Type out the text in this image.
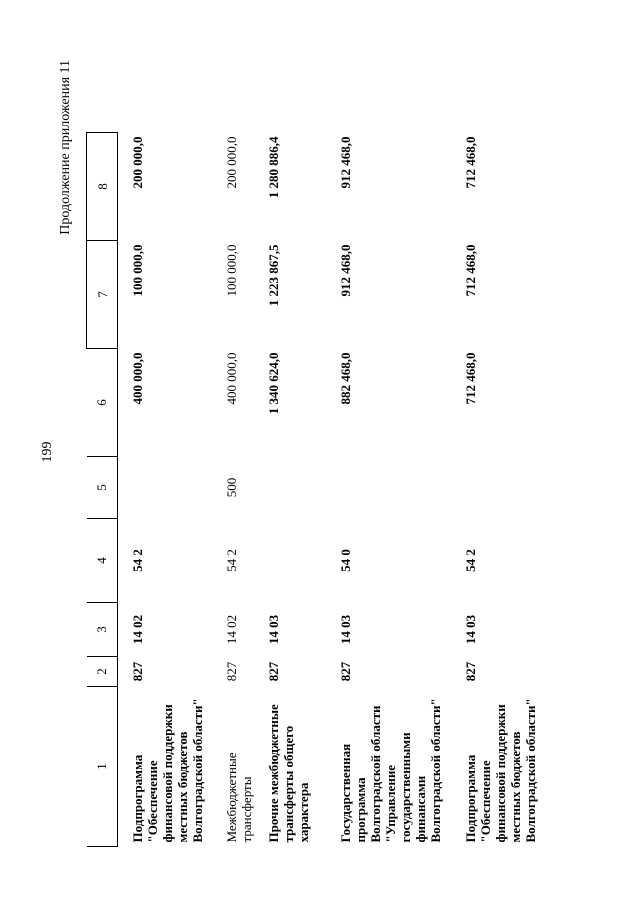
199
Продолжение приложения 11
1	2	3	4	5	6	7	8
Подпрограмма "Обеспечение финансовой поддержки местных бюджетов Волгоградской области"	827	14 02	54 2		400 000,0	100 000,0	200 000,0
Межбюджетные трансферты	827	14 02	54 2	500	400 000,0	100 000,0	200 000,0
Прочие межбюджетные трансферты общего характера	827	14 03			1 340 624,0	1 223 867,5	1 280 886,4
Государственная программа Волгоградской области "Управление государственными финансами Волгоградской области"	827	14 03	54 0		882 468,0	912 468,0	912 468,0
Подпрограмма "Обеспечение финансовой поддержки местных бюджетов Волгоградской области"	827	14 03	54 2		712 468,0	712 468,0	712 468,0
